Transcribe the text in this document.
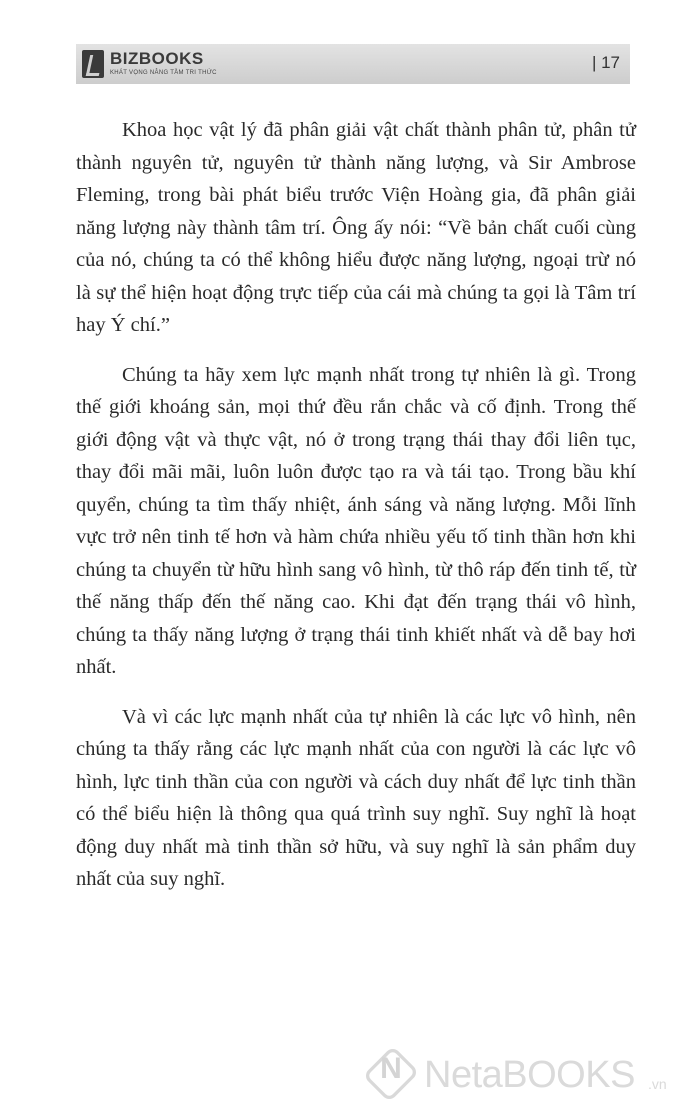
BIZBOOKS
KHÁT VỌNG NÂNG TẦM TRI THỨC
| 17

Khoa học vật lý đã phân giải vật chất thành phân tử, phân tử thành nguyên tử, nguyên tử thành năng lượng, và Sir Ambrose Fleming, trong bài phát biểu trước Viện Hoàng gia, đã phân giải năng lượng này thành tâm trí. Ông ấy nói: “Về bản chất cuối cùng của nó, chúng ta có thể không hiểu được năng lượng, ngoại trừ nó là sự thể hiện hoạt động trực tiếp của cái mà chúng ta gọi là Tâm trí hay Ý chí.”

Chúng ta hãy xem lực mạnh nhất trong tự nhiên là gì. Trong thế giới khoáng sản, mọi thứ đều rắn chắc và cố định. Trong thế giới động vật và thực vật, nó ở trong trạng thái thay đổi liên tục, thay đổi mãi mãi, luôn luôn được tạo ra và tái tạo. Trong bầu khí quyển, chúng ta tìm thấy nhiệt, ánh sáng và năng lượng. Mỗi lĩnh vực trở nên tinh tế hơn và hàm chứa nhiều yếu tố tinh thần hơn khi chúng ta chuyển từ hữu hình sang vô hình, từ thô ráp đến tinh tế, từ thế năng thấp đến thế năng cao. Khi đạt đến trạng thái vô hình, chúng ta thấy năng lượng ở trạng thái tinh khiết nhất và dễ bay hơi nhất.

Và vì các lực mạnh nhất của tự nhiên là các lực vô hình, nên chúng ta thấy rằng các lực mạnh nhất của con người là các lực vô hình, lực tinh thần của con người và cách duy nhất để lực tinh thần có thể biểu hiện là thông qua quá trình suy nghĩ. Suy nghĩ là hoạt động duy nhất mà tinh thần sở hữu, và suy nghĩ là sản phẩm duy nhất của suy nghĩ.

N NetaBOOKS .vn
